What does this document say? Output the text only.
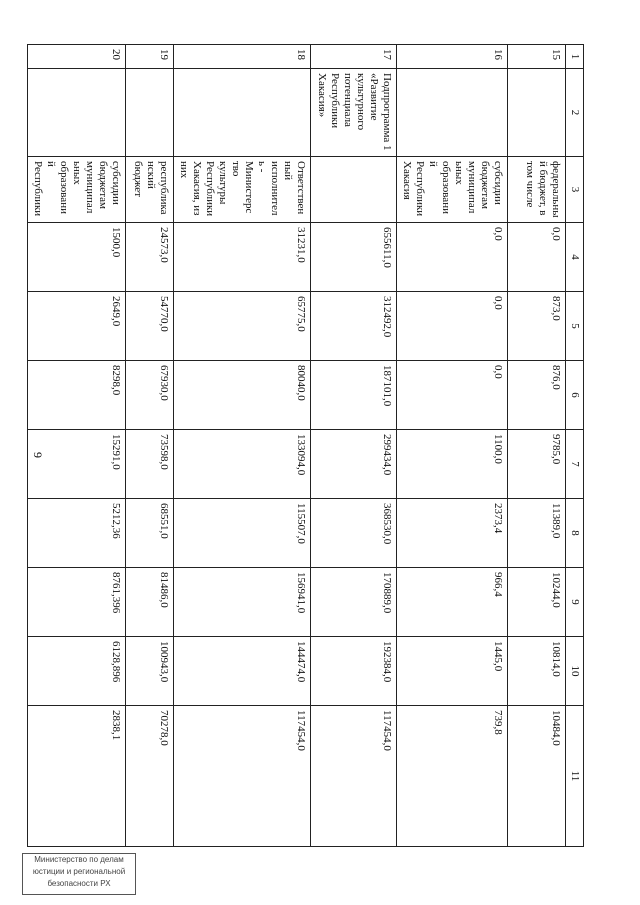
9
1	2	3	4	5	6	7	8	9	10	11
15		федеральный бюджет, в том числе	0,0	873,0	876,0	9785,0	11389,0	10244,0	10814,0	10484,0
16		субсидии бюджетам муниципальных образований Республики Хакасия	0,0	0,0	0,0	1100,0	2373,4	966,4	1445,0	739,8
17	Подпрограмма 1 «Развитие культурного потенциала Республики Хакасия»		655611,0	312492,0	187101,0	299434,0	368530,0	170889,0	192384,0	117454,0
18		Ответственный исполнитель - Министерство культуры Республики Хакасия, из них	31231,0	65775,0	80040,0	133094,0	115507,0	156941,0	144474,0	117454,0
19		республиканский бюджет	24573,0	54770,0	67930,0	73598,0	68551,0	81486,0	100943,0	70278,0
20		субсидии бюджетам муниципальных образований Республики	1500,0	2649,0	8298,0	15291,0	5212,36	8761,396	6128,896	2838,1
Министерство по делам
юстиции и региональной
безопасности РХ
